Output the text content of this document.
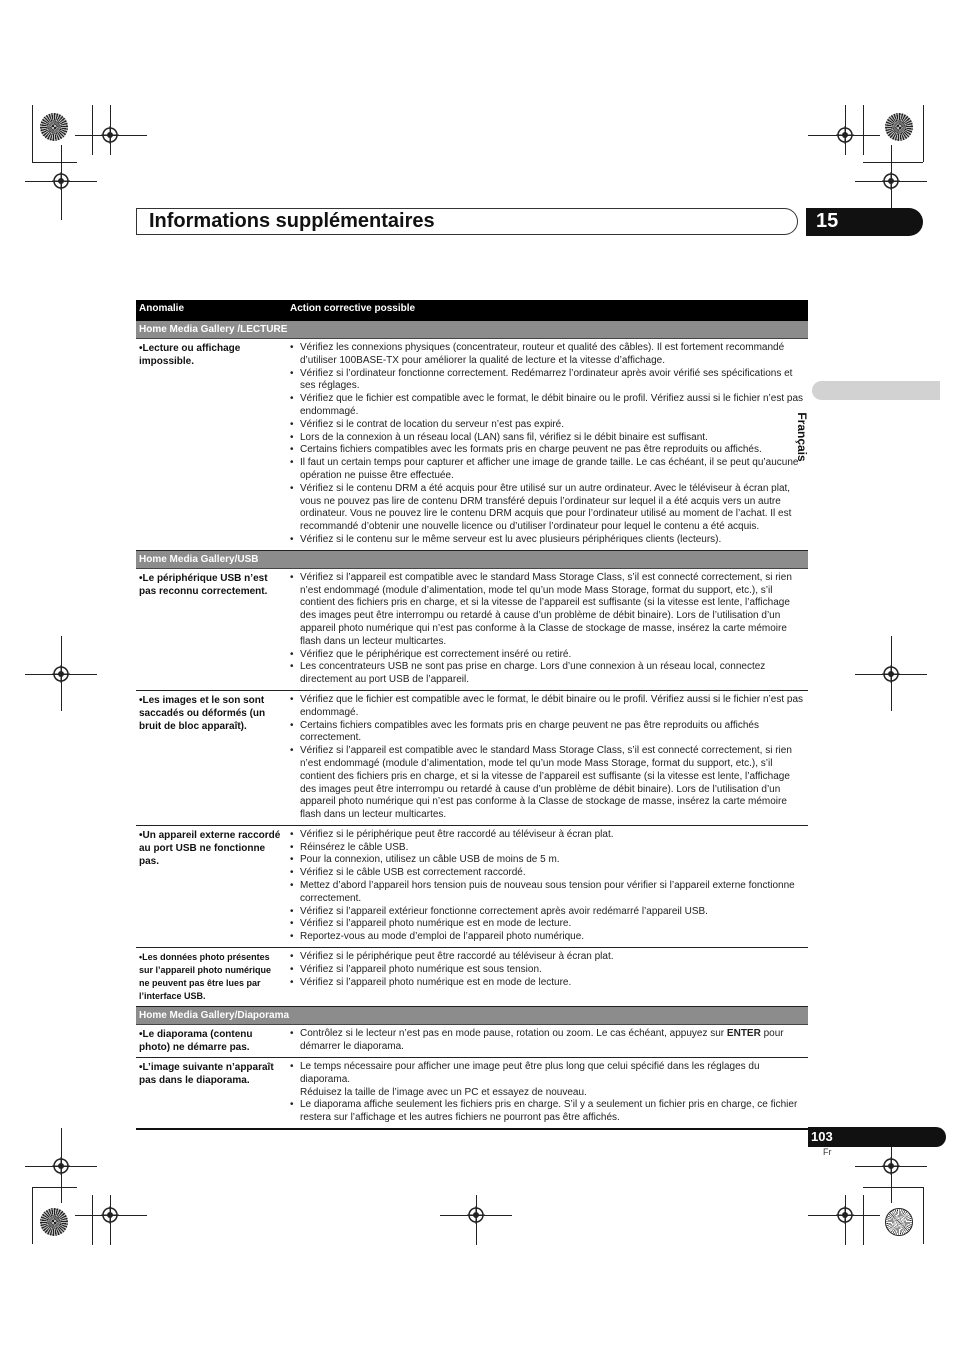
Informations supplémentaires	15
Français
Anomalie	Action corrective possible
Home Media Gallery /LECTURE
•Lecture ou affichage impossible.
• Vérifiez les connexions physiques (concentrateur, routeur et qualité des câbles). Il est fortement recommandé d’utiliser 100BASE-TX pour améliorer la qualité de lecture et la vitesse d’affichage.
• Vérifiez si l’ordinateur fonctionne correctement. Redémarrez l’ordinateur après avoir vérifié ses spécifications et ses réglages.
• Vérifiez que le fichier est compatible avec le format, le débit binaire ou le profil. Vérifiez aussi si le fichier n’est pas endommagé.
• Vérifiez si le contrat de location du serveur n’est pas expiré.
• Lors de la connexion à un réseau local (LAN) sans fil, vérifiez si le débit binaire est suffisant.
• Certains fichiers compatibles avec les formats pris en charge peuvent ne pas être reproduits ou affichés.
• Il faut un certain temps pour capturer et afficher une image de grande taille. Le cas échéant, il se peut qu’aucune opération ne puisse être effectuée.
• Vérifiez si le contenu DRM a été acquis pour être utilisé sur un autre ordinateur. Avec le téléviseur à écran plat, vous ne pouvez pas lire de contenu DRM transféré depuis l’ordinateur sur lequel il a été acquis vers un autre ordinateur. Vous ne pouvez lire le contenu DRM acquis que pour l’ordinateur utilisé au moment de l’achat. Il est recommandé d’obtenir une nouvelle licence ou d’utiliser l’ordinateur pour lequel le contenu a été acquis.
• Vérifiez si le contenu sur le même serveur est lu avec plusieurs périphériques clients (lecteurs).
Home Media Gallery/USB
•Le périphérique USB n’est pas reconnu correctement.
• Vérifiez si l’appareil est compatible avec le standard Mass Storage Class, s’il est connecté correctement, si rien n’est endommagé (module d’alimentation, mode tel qu’un mode Mass Storage, format du support, etc.), s’il contient des fichiers pris en charge, et si la vitesse de l’appareil est suffisante (si la vitesse est lente, l’affichage des images peut être interrompu ou retardé à cause d’un problème de débit binaire). Lors de l’utilisation d’un appareil photo numérique qui n’est pas conforme à la Classe de stockage de masse, insérez la carte mémoire flash dans un lecteur multicartes.
• Vérifiez que le périphérique est correctement inséré ou retiré.
• Les concentrateurs USB ne sont pas prise en charge. Lors d’une connexion à un réseau local, connectez directement au port USB de l’appareil.
•Les images et le son sont saccadés ou déformés (un bruit de bloc apparaît).
• Vérifiez que le fichier est compatible avec le format, le débit binaire ou le profil. Vérifiez aussi si le fichier n’est pas endommagé.
• Certains fichiers compatibles avec les formats pris en charge peuvent ne pas être reproduits ou affichés correctement.
• Vérifiez si l’appareil est compatible avec le standard Mass Storage Class, s’il est connecté correctement, si rien n’est endommagé (module d’alimentation, mode tel qu’un mode Mass Storage, format du support, etc.), s’il contient des fichiers pris en charge, et si la vitesse de l’appareil est suffisante (si la vitesse est lente, l’affichage des images peut être interrompu ou retardé à cause d’un problème de débit binaire). Lors de l’utilisation d’un appareil photo numérique qui n’est pas conforme à la Classe de stockage de masse, insérez la carte mémoire flash dans un lecteur multicartes.
•Un appareil externe raccordé au port USB ne fonctionne pas.
• Vérifiez si le périphérique peut être raccordé au téléviseur à écran plat.
• Réinsérez le câble USB.
• Pour la connexion, utilisez un câble USB de moins de 5 m.
• Vérifiez si le câble USB est correctement raccordé.
• Mettez d’abord l’appareil hors tension puis de nouveau sous tension pour vérifier si l’appareil externe fonctionne correctement.
• Vérifiez si l’appareil extérieur fonctionne correctement après avoir redémarré l’appareil USB.
• Vérifiez si l’appareil photo numérique est en mode de lecture.
• Reportez-vous au mode d’emploi de l’appareil photo numérique.
•Les données photo présentes sur l’appareil photo numérique ne peuvent pas être lues par l’interface USB.
• Vérifiez si le périphérique peut être raccordé au téléviseur à écran plat.
• Vérifiez si l’appareil photo numérique est sous tension.
• Vérifiez si l’appareil photo numérique est en mode de lecture.
Home Media Gallery/Diaporama
•Le diaporama (contenu photo) ne démarre pas.
• Contrôlez si le lecteur n’est pas en mode pause, rotation ou zoom. Le cas échéant, appuyez sur ENTER pour démarrer le diaporama.
•L’image suivante n’apparaît pas dans le diaporama.
• Le temps nécessaire pour afficher une image peut être plus long que celui spécifié dans les réglages du diaporama.
Réduisez la taille de l’image avec un PC et essayez de nouveau.
• Le diaporama affiche seulement les fichiers pris en charge. S’il y a seulement un fichier pris en charge, ce fichier restera sur l’affichage et les autres fichiers ne pourront pas être affichés.
103
Fr
